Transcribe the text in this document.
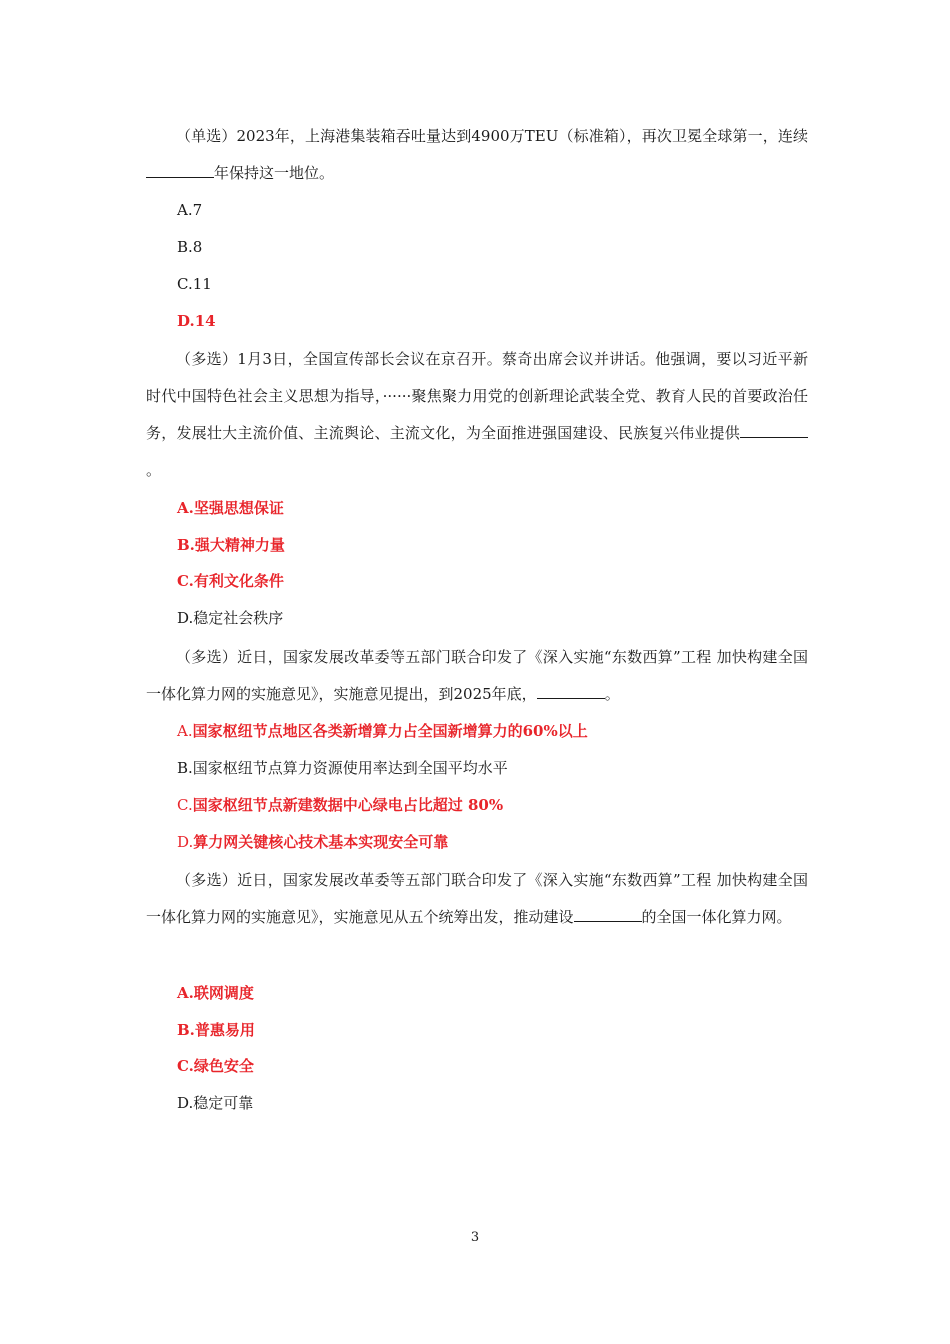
（单选）2023年，上海港集装箱吞吐量达到4900万TEU（标准箱），再次卫冕全球第一，连续年保持这一地位。

A.7

B.8

C.11

D.14

（多选）1月3日，全国宣传部长会议在京召开。蔡奇出席会议并讲话。他强调，要以习近平新时代中国特色社会主义思想为指导，······聚焦聚力用党的创新理论武装全党、教育人民的首要政治任务，发展壮大主流价值、主流舆论、主流文化，为全面推进强国建设、民族复兴伟业提供。

A.坚强思想保证

B.强大精神力量

C.有利文化条件

D.稳定社会秩序

（多选）近日，国家发展改革委等五部门联合印发了《深入实施“东数西算”工程 加快构建全国一体化算力网的实施意见》，实施意见提出，到2025年底，	。

A.国家枢纽节点地区各类新增算力占全国新增算力的60%以上

B.国家枢纽节点算力资源使用率达到全国平均水平

C.国家枢纽节点新建数据中心绿电占比超过 80%

D.算力网关键核心技术基本实现安全可靠

（多选）近日，国家发展改革委等五部门联合印发了《深入实施“东数西算”工程 加快构建全国一体化算力网的实施意见》，实施意见从五个统筹出发，推动建设	的全国一体化算力网。

A.联网调度

B.普惠易用

C.绿色安全

D.稳定可靠

3
